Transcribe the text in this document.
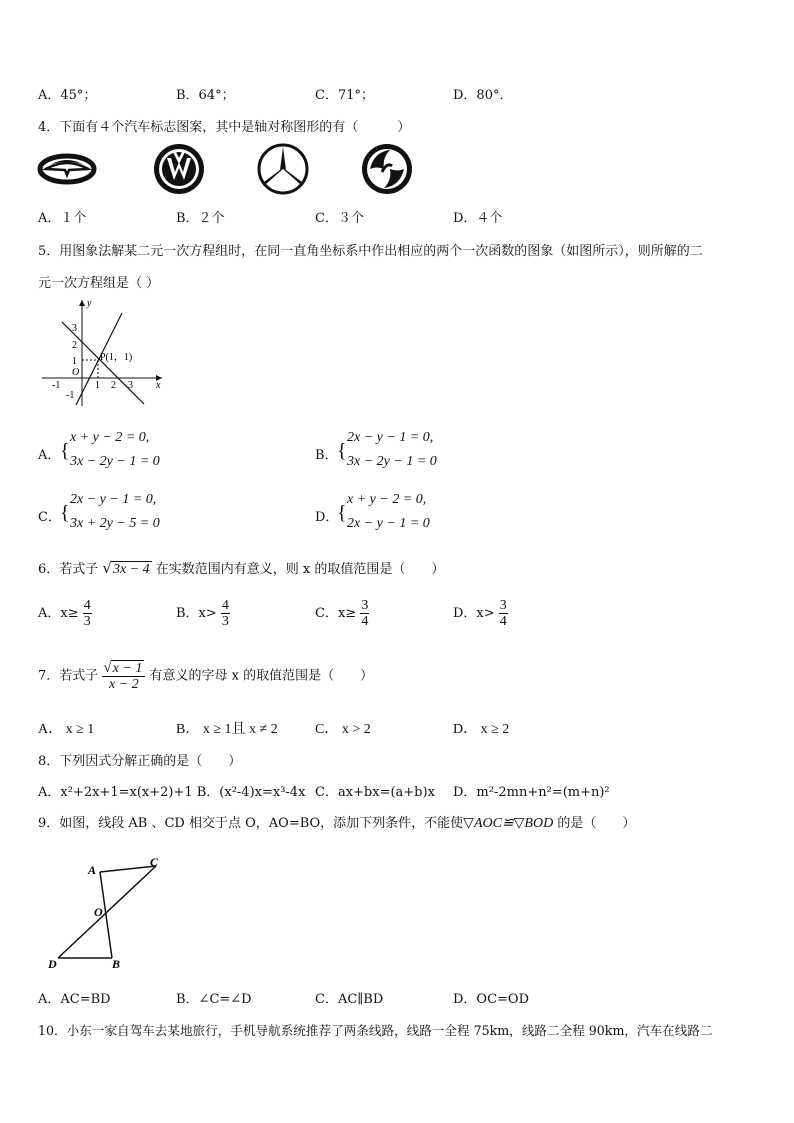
A．45°；	B．64°；	C．71°；	D．80°．
4．下面有４个汽车标志图案，其中是轴对称图形的有（　　　）
A．１个	B．２个	C．３个	D．４个
5．用图象法解某二元一次方程组时，在同一直角坐标系中作出相应的两个一次函数的图象（如图所示），则所解的二
元一次方程组是（ ）
y
x
O
P(1，1)
-1	1 2 3
3
2
1
-1
A． {
x + y − 2 = 0,
3x − 2y − 1 = 0	B． {
2x − y − 1 = 0,
3x − 2y − 1 = 0
C． {
2x − y − 1 = 0,
3x + 2y − 5 = 0	D．
{
x + y − 2 = 0,
2x − y − 1 = 0
6．若式子 √3x − 4 在实数范围内有意义，则 x 的取值范围是（　　）
A．$x\ge \frac{4}{3}$	B．$x> \frac{4}{3}$	C．$x\ge \frac{3}{4}$	D．$x> \frac{3}{4}$
7．若式子 $\frac{√x - 1}{x - 2}$ 有意义的字母 x 的取值范围是（　　）
A． x ≥ 1	B． x ≥ 1且 x ≠ 2	C． x > 2	D． x ≥ 2
8．下列因式分解正确的是（　　）
A．x²+2x+1=x(x+2)+1 B．(x²-4)x=x³-4x C．ax+bx=(a+b)x D．m²-2mn+n²=(m+n)²
9．如图，线段 AB 、CD 相交于点 O，AO=BO，添加下列条件，不能使▽AOC≌▽BOD 的是（　　）
A
C
O
D	B
A．AC=BD	B．∠C=∠D	C．AC∥BD	D．OC=OD
10．小东一家自驾车去某地旅行，手机导航系统推荐了两条线路，线路一全程 75km，线路二全程 90km，汽车在线路二
